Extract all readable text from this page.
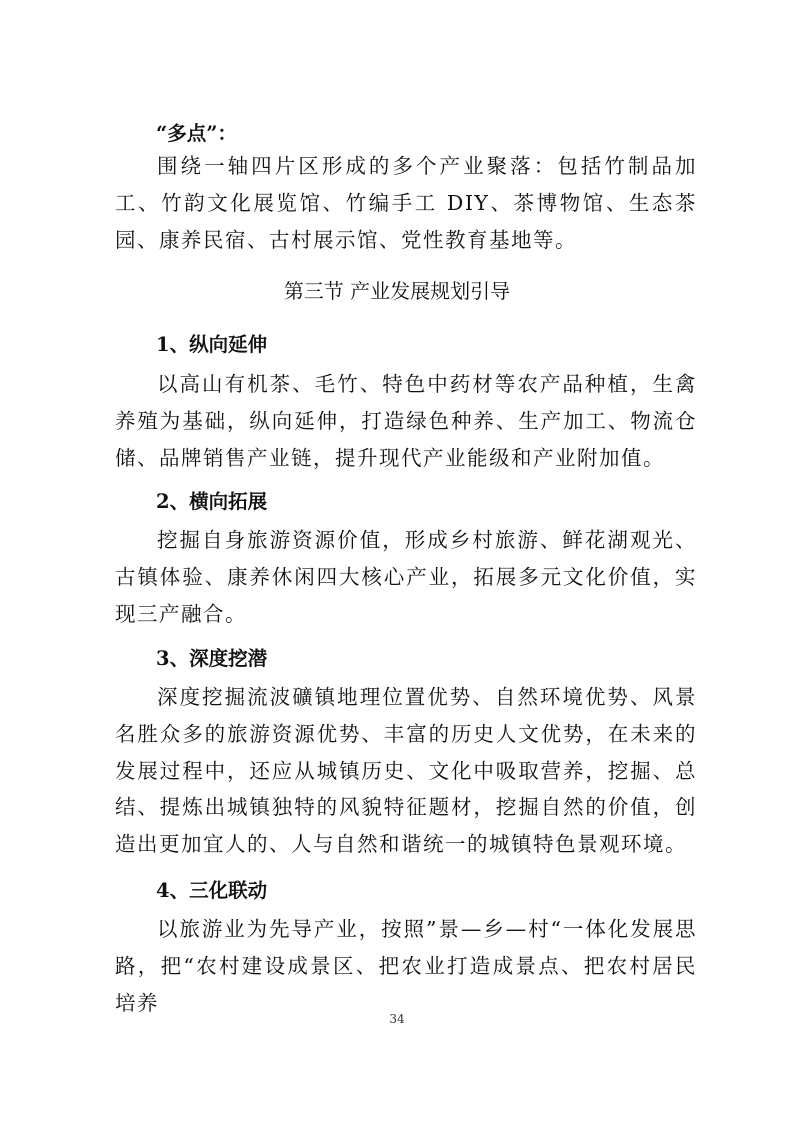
“多点”：

围绕一轴四片区形成的多个产业聚落：包括竹制品加工、竹韵文化展览馆、竹编手工 DIY、茶博物馆、生态茶园、康养民宿、古村展示馆、党性教育基地等。

第三节 产业发展规划引导

1、纵向延伸

以高山有机茶、毛竹、特色中药材等农产品种植，生禽养殖为基础，纵向延伸，打造绿色种养、生产加工、物流仓储、品牌销售产业链，提升现代产业能级和产业附加值。

2、横向拓展

挖掘自身旅游资源价值，形成乡村旅游、鲜花湖观光、古镇体验、康养休闲四大核心产业，拓展多元文化价值，实现三产融合。

3、深度挖潜

深度挖掘流波礦镇地理位置优势、自然环境优势、风景名胜众多的旅游资源优势、丰富的历史人文优势，在未来的发展过程中，还应从城镇历史、文化中吸取营养，挖掘、总结、提炼出城镇独特的风貌特征题材，挖掘自然的价值，创造出更加宜人的、人与自然和谐统一的城镇特色景观环境。

4、三化联动

以旅游业为先导产业，按照”景—乡—村“一体化发展思路，把“农村建设成景区、把农业打造成景点、把农村居民培养

34
